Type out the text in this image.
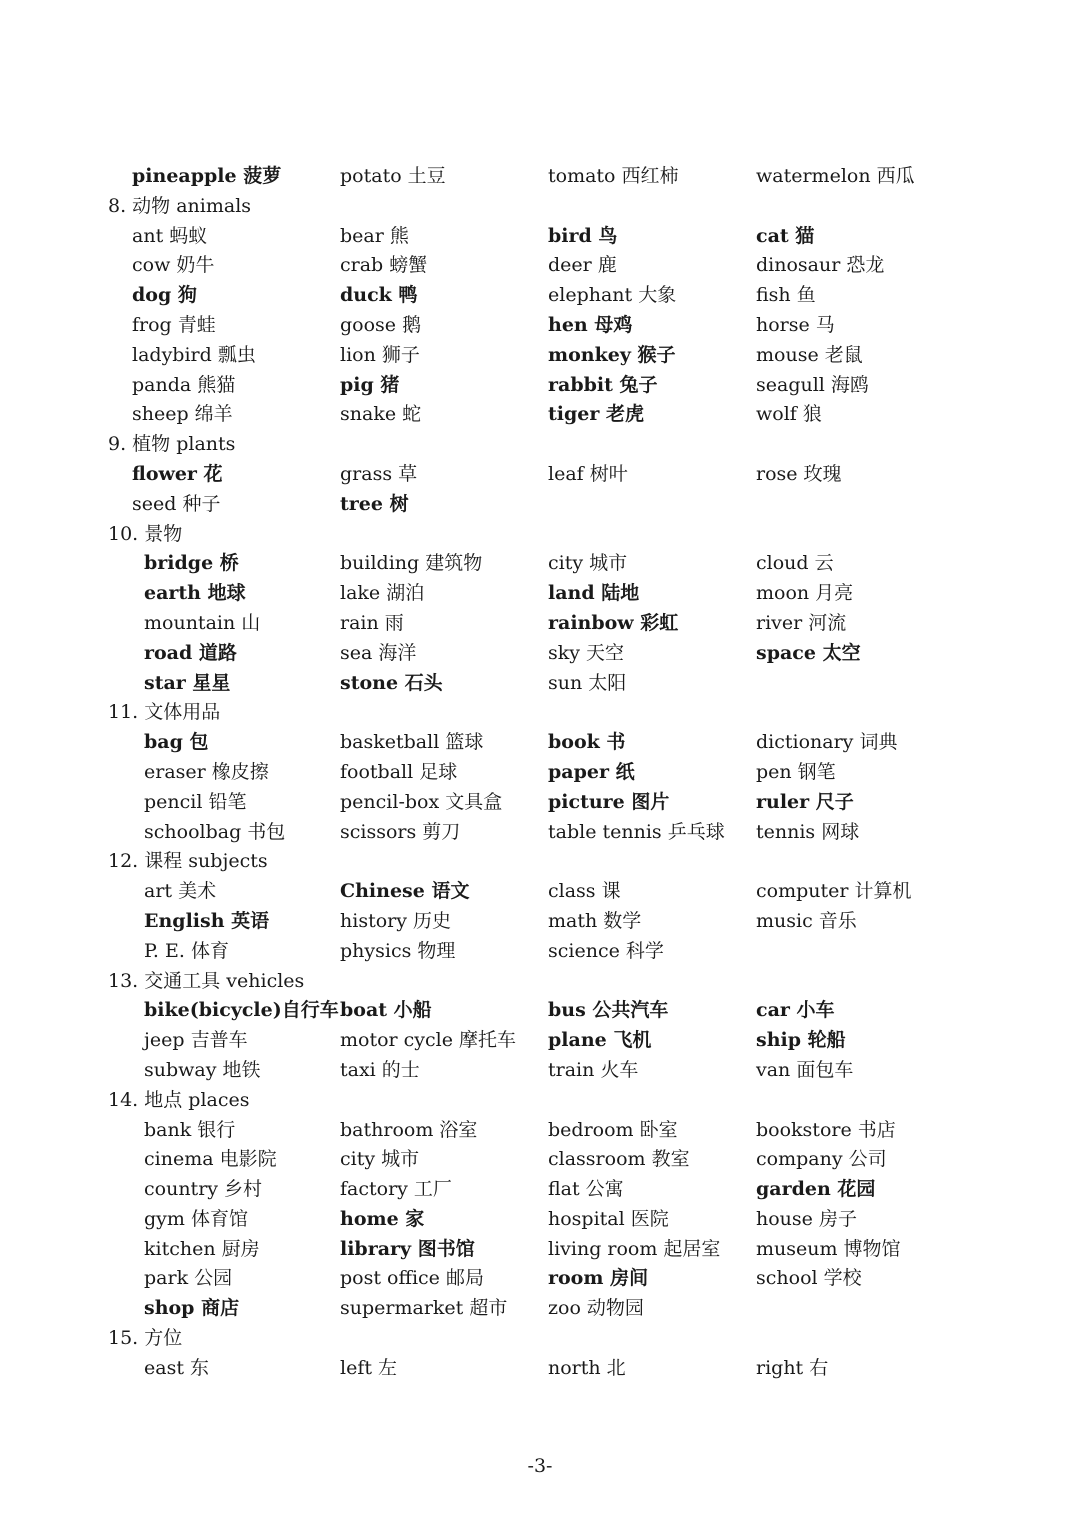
pineapple 菠萝	potato 土豆	tomato 西红柿	watermelon 西瓜
8. 动物 animals
ant 蚂蚁	bear 熊	bird 鸟	cat 猫
cow 奶牛	crab 螃蟹	deer 鹿	dinosaur 恐龙
dog 狗	duck 鸭	elephant 大象	fish 鱼
frog 青蛙	goose 鹅	hen 母鸡	horse 马
ladybird 瓢虫	lion 狮子	monkey 猴子	mouse 老鼠
panda 熊猫	pig 猪	rabbit 兔子	seagull 海鸥
sheep 绵羊	snake 蛇	tiger 老虎	wolf 狼
9. 植物 plants
flower 花	grass 草	leaf 树叶	rose 玫瑰
seed 种子	tree 树
10. 景物
bridge 桥	building 建筑物	city 城市	cloud 云
earth 地球	lake 湖泊	land 陆地	moon 月亮
mountain 山	rain 雨	rainbow 彩虹	river 河流
road 道路	sea 海洋	sky 天空	space 太空
star 星星	stone 石头	sun 太阳
11. 文体用品
bag 包	basketball 篮球	book 书	dictionary 词典
eraser 橡皮擦	football 足球	paper 纸	pen 钢笔
pencil 铅笔	pencil-box 文具盒 picture 图片	ruler 尺子
schoolbag 书包	scissors 剪刀	table tennis 乒乓球 tennis 网球
12. 课程 subjects
art 美术	Chinese 语文	class 课	computer 计算机
English 英语	history 历史	math 数学	music 音乐
P. E. 体育	physics 物理	science 科学
13. 交通工具 vehicles
bike(bicycle)自行车 boat 小船	bus 公共汽车	car 小车
jeep 吉普车	motor cycle 摩托车 plane 飞机	ship 轮船
subway 地铁	taxi 的士	train 火车	van 面包车
14. 地点 places
bank 银行	bathroom 浴室	bedroom 卧室	bookstore 书店
cinema 电影院	city 城市	classroom 教室	company 公司
country 乡村	factory 工厂	flat 公寓	garden 花园
gym 体育馆	home 家	hospital 医院	house 房子
kitchen 厨房	library 图书馆	living room 起居室 museum 博物馆
park 公园	post office 邮局	room 房间	school 学校
shop 商店	supermarket 超市 zoo 动物园
15. 方位
east 东	left 左	north 北	right 右
-3-
